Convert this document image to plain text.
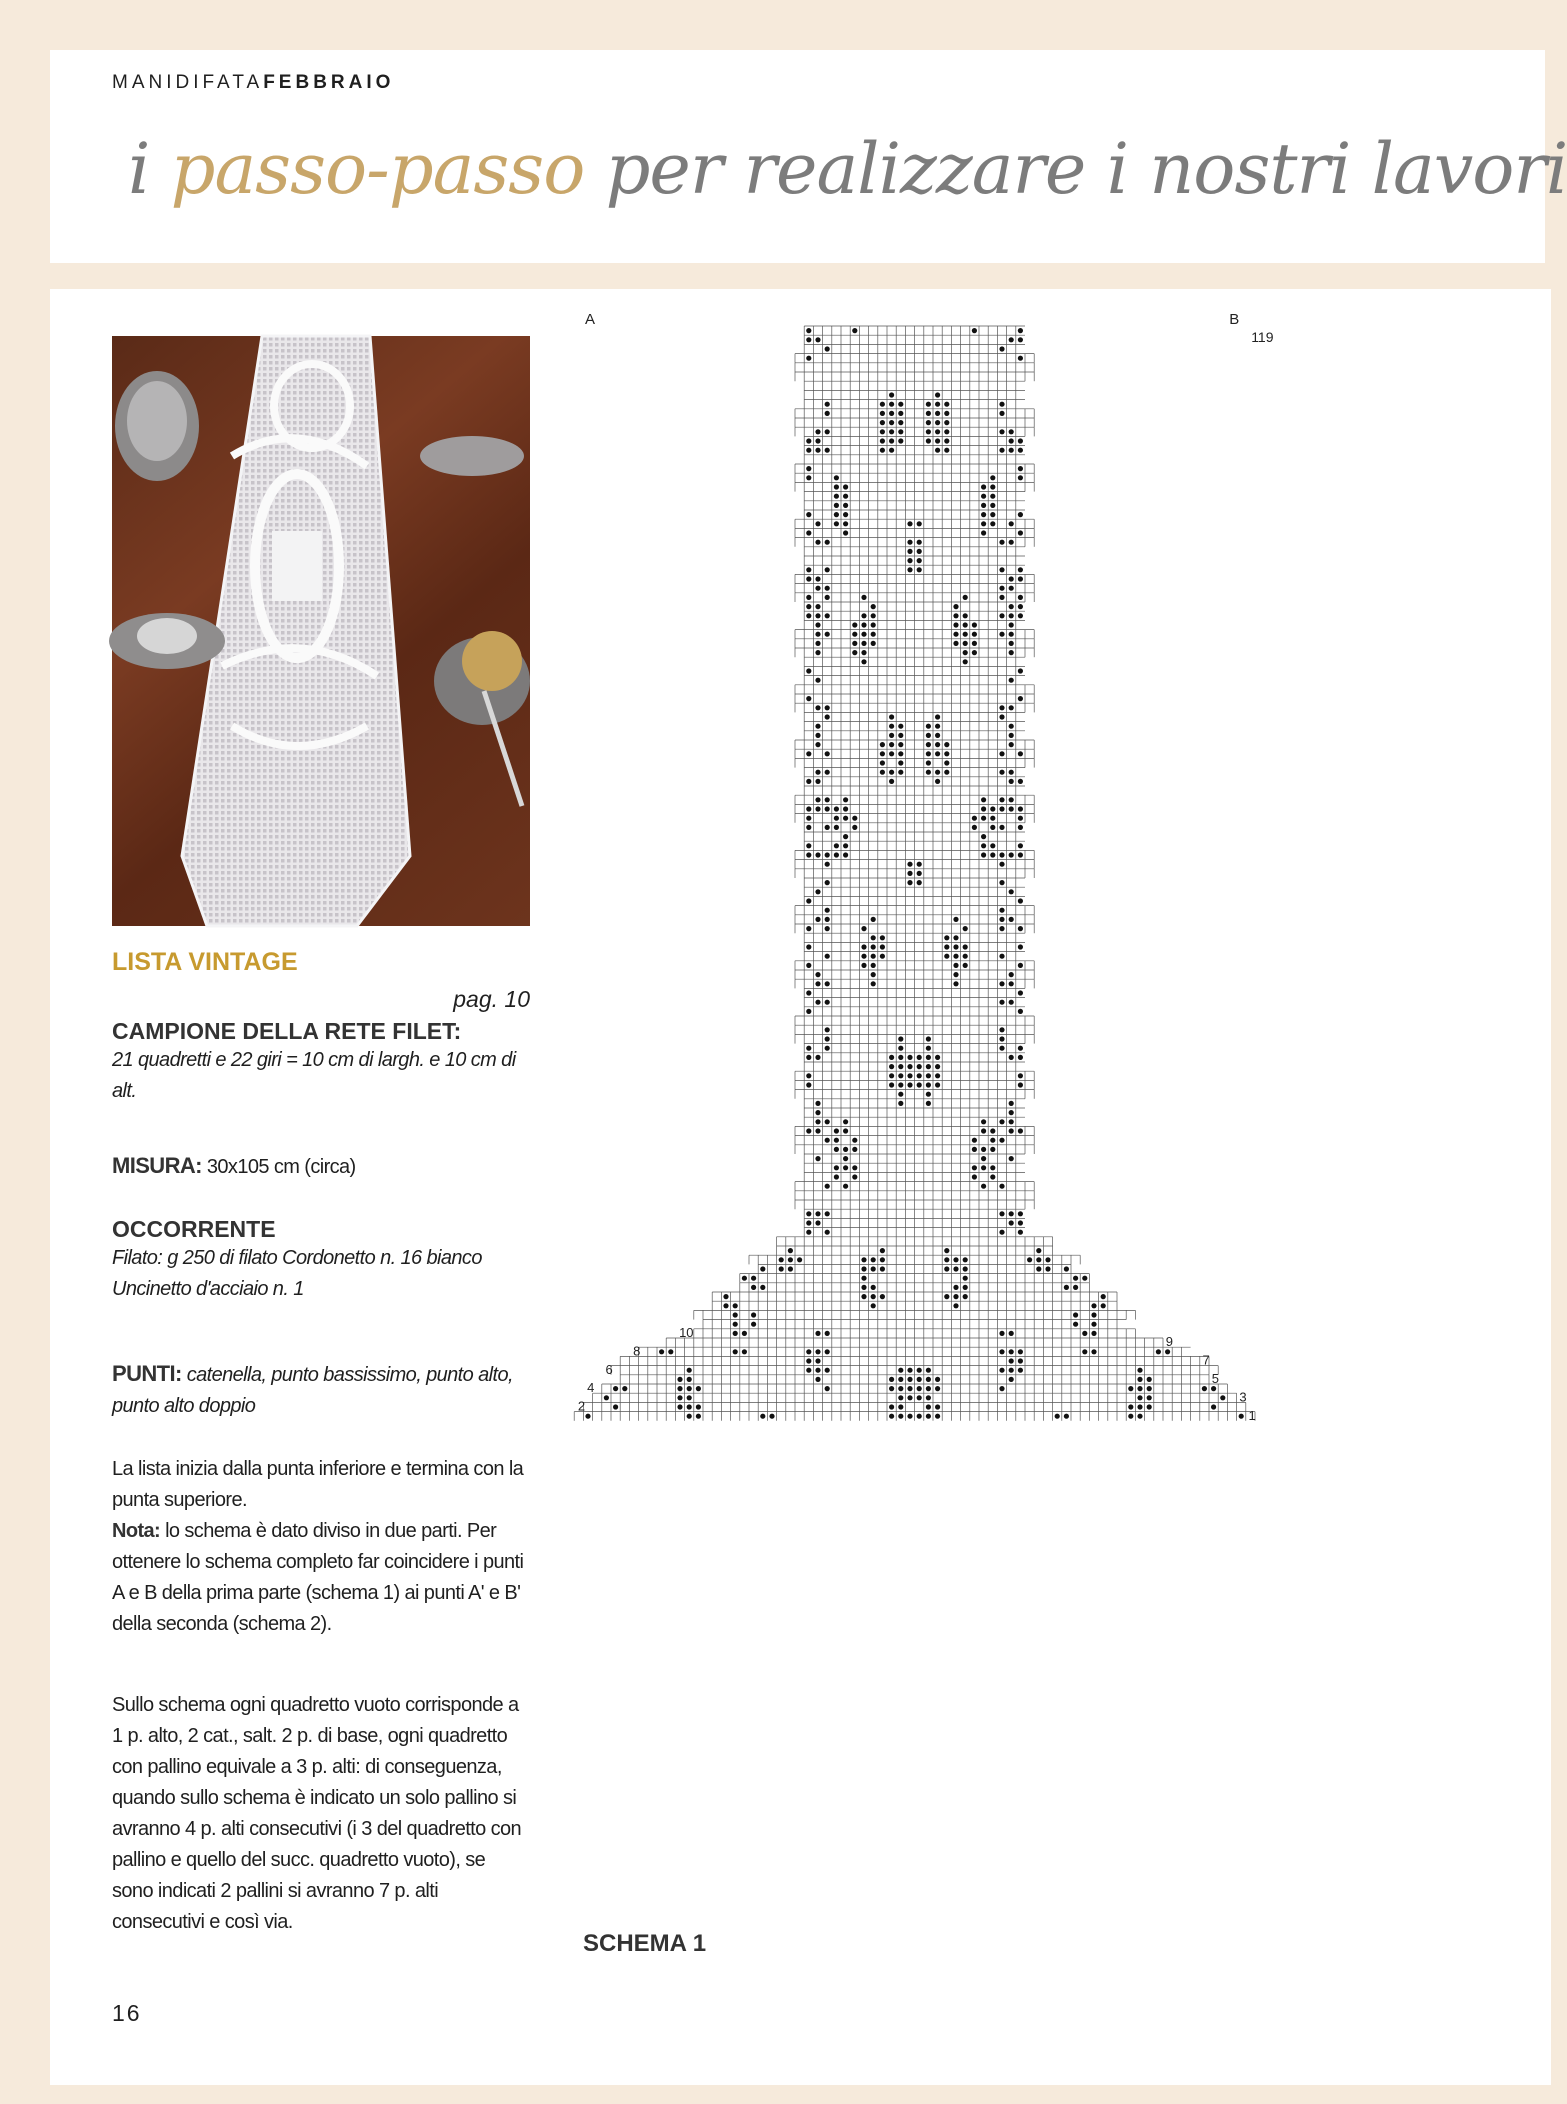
MANIDIFATAFEBBRAIO
i passo-passo per realizzare i nostri lavori
LISTA VINTAGE
pag. 10
CAMPIONE DELLA RETE FILET:
21 quadretti e 22 giri = 10 cm di largh. e 10 cm di alt.
MISURA: 30x105 cm (circa)
OCCORRENTE
Filato: g 250 di filato Cordonetto n. 16 bianco
Uncinetto d'acciaio n. 1
PUNTI: catenella, punto bassissimo, punto alto, punto alto doppio
La lista inizia dalla punta inferiore e termina con la punta superiore.
Nota: lo schema è dato diviso in due parti. Per ottenere lo schema completo far coincidere i punti A e B della prima parte (schema 1) ai punti A' e B' della seconda (schema 2).
Sullo schema ogni quadretto vuoto corrisponde a 1 p. alto, 2 cat., salt. 2 p. di base, ogni quadretto con pallino equivale a 3 p. alti: di conseguenza, quando sullo schema è indicato un solo pallino si avranno 4 p. alti consecutivi (i 3 del quadretto con pallino e quello del succ. quadretto vuoto), se sono indicati 2 pallini si avranno 7 p. alti consecutivi e così via.
SCHEMA 1
16
A	B
119
1
2
3
4
5
6
7
8
9
10
